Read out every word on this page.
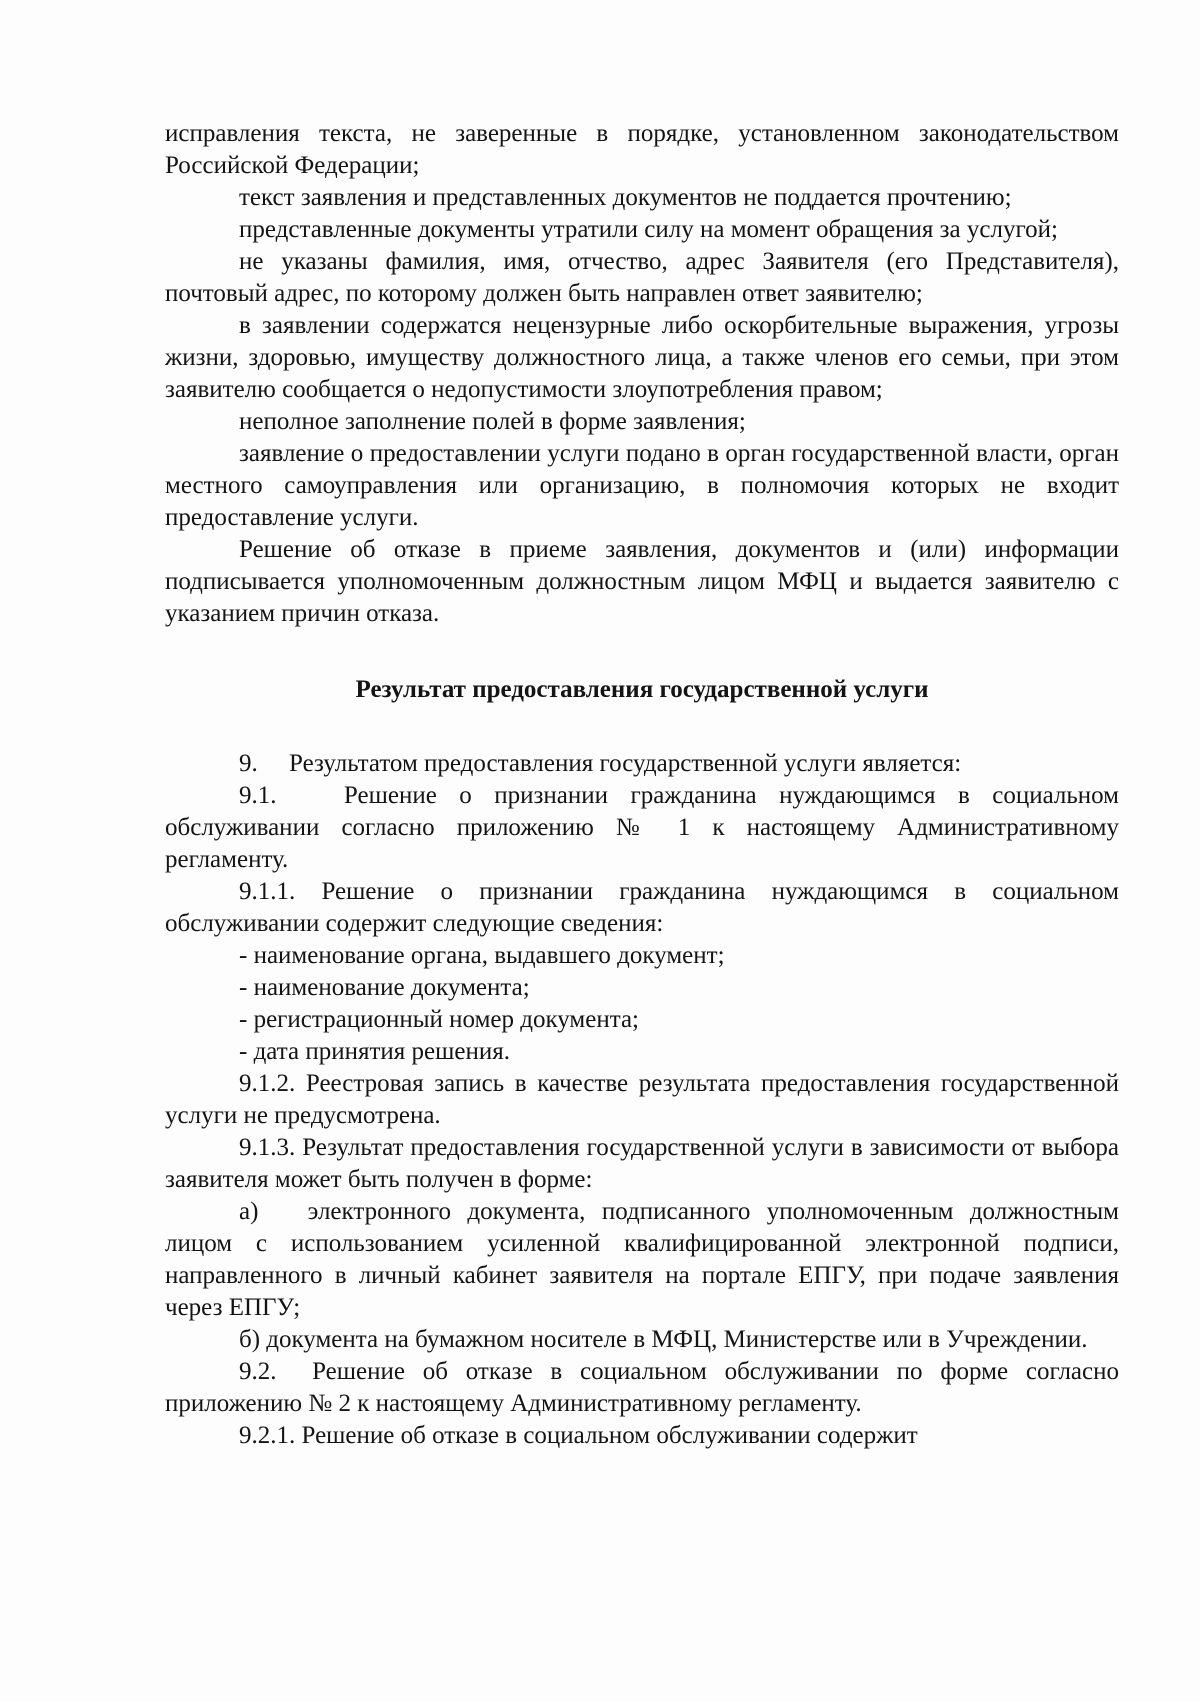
исправления текста, не заверенные в порядке, установленном законодательством Российской Федерации;

текст заявления и представленных документов не поддается прочтению;

представленные документы утратили силу на момент обращения за услугой;

не указаны фамилия, имя, отчество, адрес Заявителя (его Представителя), почтовый адрес, по которому должен быть направлен ответ заявителю;

в заявлении содержатся нецензурные либо оскорбительные выражения, угрозы жизни, здоровью, имуществу должностного лица, а также членов его семьи, при этом заявителю сообщается о недопустимости злоупотребления правом;

неполное заполнение полей в форме заявления;

заявление о предоставлении услуги подано в орган государственной власти, орган местного самоуправления или организацию, в полномочия которых не входит предоставление услуги.

Решение об отказе в приеме заявления, документов и (или) информации подписывается уполномоченным должностным лицом МФЦ и выдается заявителю с указанием причин отказа.

Результат предоставления государственной услуги

9.     Результатом предоставления государственной услуги является:

9.1.   Решение о признании гражданина нуждающимся в социальном обслуживании согласно приложению № 1 к настоящему Административному регламенту.

9.1.1. Решение о признании гражданина нуждающимся в социальном обслуживании содержит следующие сведения:

- наименование органа, выдавшего документ;

- наименование документа;

- регистрационный номер документа;

- дата принятия решения.

9.1.2. Реестровая запись в качестве результата предоставления государственной услуги не предусмотрена.

9.1.3. Результат предоставления государственной услуги в зависимости от выбора заявителя может быть получен в форме:

а)   электронного документа, подписанного уполномоченным должностным лицом с использованием усиленной квалифицированной электронной подписи, направленного в личный кабинет заявителя на портале ЕПГУ, при подаче заявления через ЕПГУ;

б) документа на бумажном носителе в МФЦ, Министерстве или в Учреждении.

9.2.  Решение об отказе в социальном обслуживании по форме согласно приложению № 2 к настоящему Административному регламенту.

9.2.1. Решение об отказе в социальном обслуживании содержит
